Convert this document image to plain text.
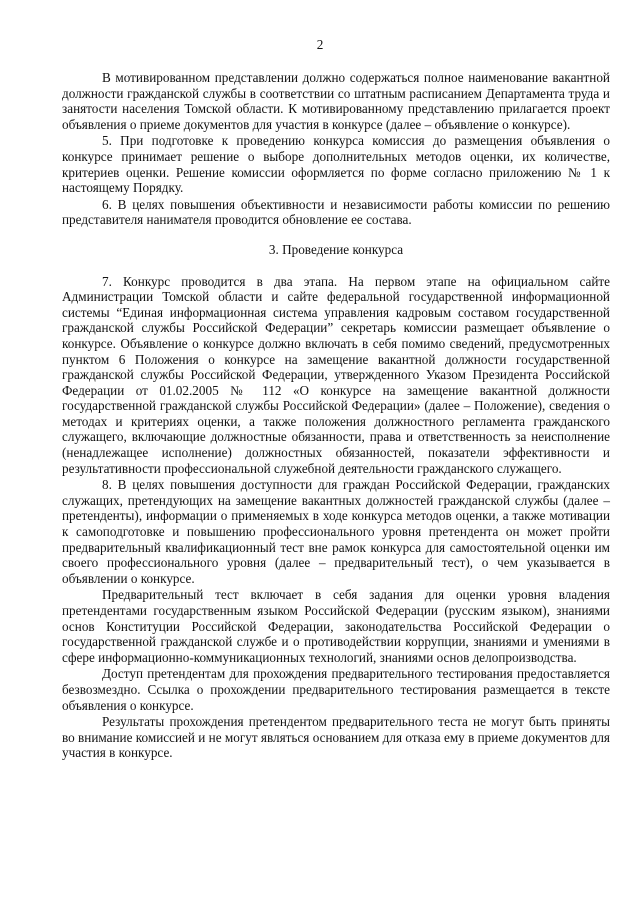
2

В мотивированном представлении должно содержаться полное наименование вакантной должности гражданской службы в соответствии со штатным расписанием Департамента труда и занятости населения Томской области. К мотивированному представлению прилагается проект объявления о приеме документов для участия в конкурсе (далее – объявление о конкурсе).

5. При подготовке к проведению конкурса комиссия до размещения объявления о конкурсе принимает решение о выборе дополнительных методов оценки, их количестве, критериев оценки. Решение комиссии оформляется по форме согласно приложению № 1 к настоящему Порядку.

6. В целях повышения объективности и независимости работы комиссии по решению представителя нанимателя проводится обновление ее состава.

3. Проведение конкурса

7. Конкурс проводится в два этапа. На первом этапе на официальном сайте Администрации Томской области и сайте федеральной государственной информационной системы “Единая информационная система управления кадровым составом государственной гражданской службы Российской Федерации” секретарь комиссии размещает объявление о конкурсе. Объявление о конкурсе должно включать в себя помимо сведений, предусмотренных пунктом 6 Положения о конкурсе на замещение вакантной должности государственной гражданской службы Российской Федерации, утвержденного Указом Президента Российской Федерации от 01.02.2005 № 112 «О конкурсе на замещение вакантной должности государственной гражданской службы Российской Федерации» (далее – Положение), сведения о методах и критериях оценки, а также положения должностного регламента гражданского служащего, включающие должностные обязанности, права и ответственность за неисполнение (ненадлежащее исполнение) должностных обязанностей, показатели эффективности и результативности профессиональной служебной деятельности гражданского служащего.

8. В целях повышения доступности для граждан Российской Федерации, гражданских служащих, претендующих на замещение вакантных должностей гражданской службы (далее – претенденты), информации о применяемых в ходе конкурса методов оценки, а также мотивации к самоподготовке и повышению профессионального уровня претендента он может пройти предварительный квалификационный тест вне рамок конкурса для самостоятельной оценки им своего профессионального уровня (далее – предварительный тест), о чем указывается в объявлении о конкурсе.

Предварительный тест включает в себя задания для оценки уровня владения претендентами государственным языком Российской Федерации (русским языком), знаниями основ Конституции Российской Федерации, законодательства Российской Федерации о государственной гражданской службе и о противодействии коррупции, знаниями и умениями в сфере информационно-коммуникационных технологий, знаниями основ делопроизводства.

Доступ претендентам для прохождения предварительного тестирования предоставляется безвозмездно. Ссылка о прохождении предварительного тестирования размещается в тексте объявления о конкурсе.

Результаты прохождения претендентом предварительного теста не могут быть приняты во внимание комиссией и не могут являться основанием для отказа ему в приеме документов для участия в конкурсе.
